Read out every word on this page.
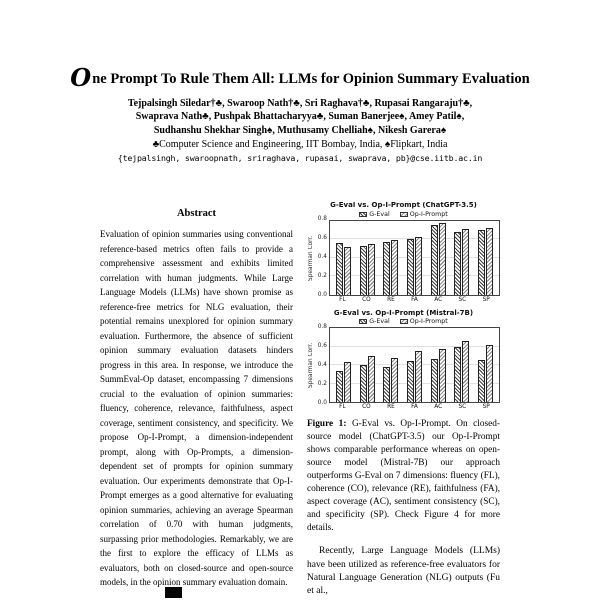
One Prompt To Rule Them All: LLMs for Opinion Summary Evaluation
Tejpalsingh Siledar†♣, Swaroop Nath†♣, Sri Raghava†♣, Rupasai Rangaraju†♣,
Swaprava Nath♣, Pushpak Bhattacharyya♣, Suman Banerjee♠, Amey Patil♠,
Sudhanshu Shekhar Singh♠, Muthusamy Chelliah♠, Nikesh Garera♠
♣Computer Science and Engineering, IIT Bombay, India, ♠Flipkart, India
{tejpalsingh, swaroopnath, sriraghava, rupasai, swaprava, pb}@cse.iitb.ac.in
Abstract

Evaluation of opinion summaries using conventional reference-based metrics often fails to provide a comprehensive assessment and exhibits limited correlation with human judgments. While Large Language Models (LLMs) have shown promise as reference-free metrics for NLG evaluation, their potential remains unexplored for opinion summary evaluation. Furthermore, the absence of sufficient opinion summary evaluation datasets hinders progress in this area. In response, we introduce the SummEval-Op dataset, encompassing 7 dimensions crucial to the evaluation of opinion summaries: fluency, coherence, relevance, faithfulness, aspect coverage, sentiment consistency, and specificity. We propose Op-I-Prompt, a dimension-independent prompt, along with Op-Prompts, a dimension-dependent set of prompts for opinion summary evaluation. Our experiments demonstrate that Op-I-Prompt emerges as a good alternative for evaluating opinion summaries, achieving an average Spearman correlation of 0.70 with human judgments, surpassing prior methodologies. Remarkably, we are the first to explore the efficacy of LLMs as evaluators, both on closed-source and open-source models, in the opinion summary evaluation domain.

G-Eval vs. Op-I-Prompt (ChatGPT-3.5)
G-Eval	Op-I-Prompt
Spearman Corr.
0.0
0.2
0.4
0.6
0.8
FL	CO	RE	FA	AC	SC	SP
G-Eval vs. Op-I-Prompt (Mistral-7B)
G-Eval	Op-I-Prompt
Spearman Corr.
0.0
0.2
0.4
0.6
0.8
FL	CO	RE	FA	AC	SC	SP
Figure 1: G-Eval vs. Op-I-Prompt. On closed-source model (ChatGPT-3.5) our Op-I-Prompt shows comparable performance whereas on open-source model (Mistral-7B) our approach outperforms G-Eval on 7 dimensions: fluency (FL), coherence (CO), relevance (RE), faithfulness (FA), aspect coverage (AC), sentiment consistency (SC), and specificity (SP). Check Figure 4 for more details.

Recently, Large Language Models (LLMs) have been utilized as reference-free evaluators for Natural Language Generation (NLG) outputs (Fu et al.,
